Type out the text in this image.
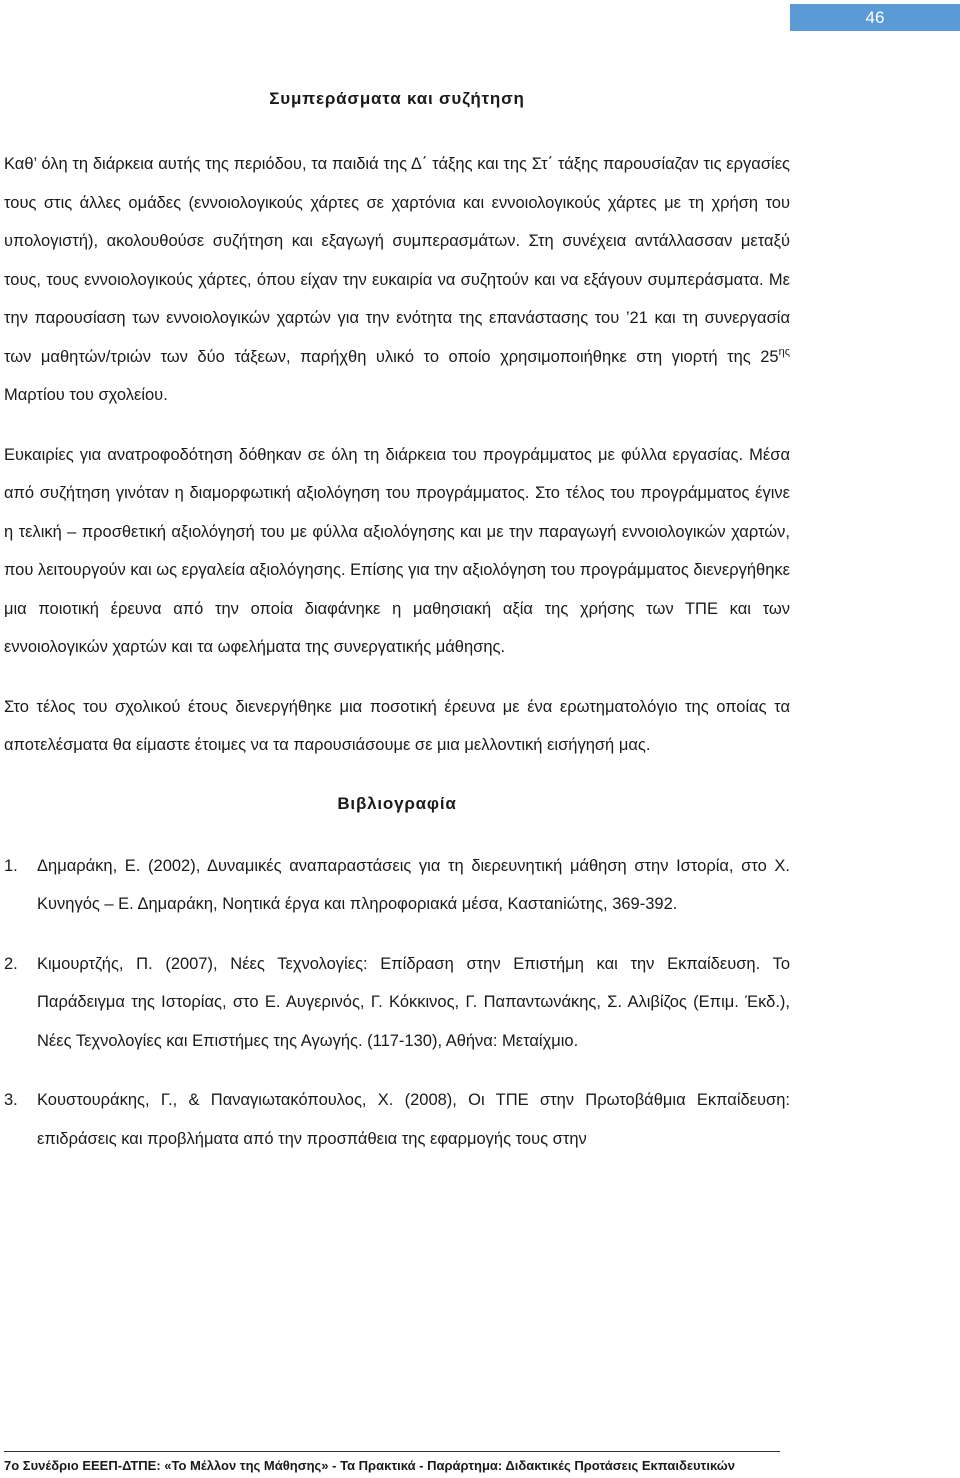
46
Συμπεράσματα και συζήτηση

Καθ’ όλη τη διάρκεια αυτής της περιόδου, τα παιδιά της Δ΄ τάξης και της Στ΄ τάξης παρουσίαζαν τις εργασίες τους στις άλλες ομάδες (εννοιολογικούς χάρτες σε χαρτόνια και εννοιολογικούς χάρτες με τη χρήση του υπολογιστή), ακολουθούσε συζήτηση και εξαγωγή συμπερασμάτων. Στη συνέχεια αντάλλασσαν μεταξύ τους, τους εννοιολογικούς χάρτες, όπου είχαν την ευκαιρία να συζητούν και να εξάγουν συμπεράσματα. Με την παρουσίαση των εννοιολογικών χαρτών για την ενότητα της επανάστασης του ’21 και τη συνεργασία των μαθητών/τριών των δύο τάξεων, παρήχθη υλικό το οποίο χρησιμοποιήθηκε στη γιορτή της $25^{\eta\varsigma}$ Μαρτίου του σχολείου.

Ευκαιρίες για ανατροφοδότηση δόθηκαν σε όλη τη διάρκεια του προγράμματος με φύλλα εργασίας. Μέσα από συζήτηση γινόταν η διαμορφωτική αξιολόγηση του προγράμματος. Στο τέλος του προγράμματος έγινε η τελική – προσθετική αξιολόγησή του με φύλλα αξιολόγησης και με την παραγωγή εννοιολογικών χαρτών, που λειτουργούν και ως εργαλεία αξιολόγησης. Επίσης για την αξιολόγηση του προγράμματος διενεργήθηκε μια ποιοτική έρευνα από την οποία διαφάνηκε η μαθησιακή αξία της χρήσης των ΤΠΕ και των εννοιολογικών χαρτών και τα ωφελήματα της συνεργατικής μάθησης.

Στο τέλος του σχολικού έτους διενεργήθηκε μια ποσοτική έρευνα με ένα ερωτηματολόγιο της οποίας τα αποτελέσματα θα είμαστε έτοιμες να τα παρουσιάσουμε σε μια μελλοντική εισήγησή μας.

Βιβλιογραφία
1.	Δημαράκη, Ε. (2002), Δυναμικές αναπαραστάσεις για τη διερευνητική μάθηση στην Ιστορία, στο Χ. Κυνηγός – Ε. Δημαράκη, Νοητικά έργα και πληροφοριακά μέσα, Κασταniώτης, 369-392.
2.	Κιμουρτζής, Π. (2007), Νέες Τεχνολογίες: Επίδραση στην Επιστήμη και την Εκπαίδευση. Το Παράδειγμα της Ιστορίας, στο Ε. Αυγερινός, Γ. Κόκκινος, Γ. Παπαντωνάκης, Σ. Αλιβίζος (Επιμ. Έκδ.), Νέες Τεχνολογίες και Επιστήμες της Αγωγής. (117-130), Αθήνα: Μεταίχμιο.
3.	Κουστουράκης, Γ., & Παναγιωτακόπουλος, Χ. (2008), Οι ΤΠΕ στην Πρωτοβάθμια Εκπαίδευση: επιδράσεις και προβλήματα από την προσπάθεια της εφαρμογής τους στην
7ο Συνέδριο ΕΕΕΠ-ΔΤΠΕ: «Το Μέλλον της Μάθησης» - Τα Πρακτικά - Παράρτημα: Διδακτικές Προτάσεις Εκπαιδευτικών
